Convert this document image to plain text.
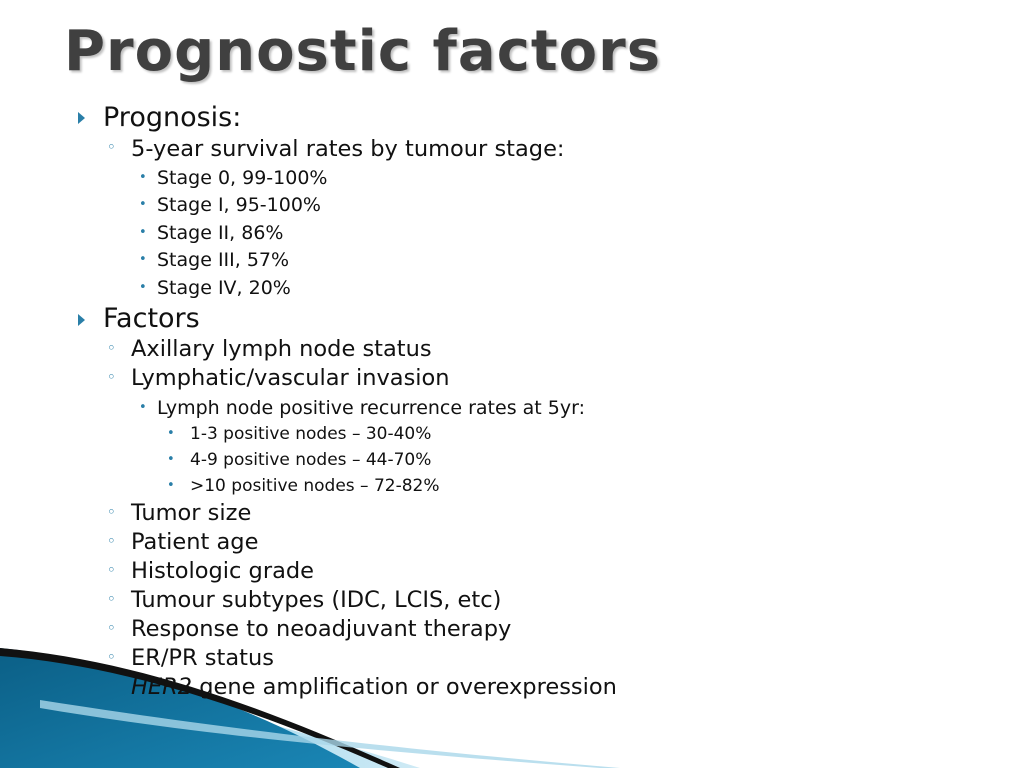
Prognostic factors
Prognosis:
◦ 5-year survival rates by tumour stage:
• Stage 0, 99-100%
• Stage I, 95-100%
• Stage II, 86%
• Stage III, 57%
• Stage IV, 20%
Factors
◦ Axillary lymph node status
◦ Lymphatic/vascular invasion
• Lymph node positive recurrence rates at 5yr:
• 1-3 positive nodes – 30-40%
• 4-9 positive nodes – 44-70%
• >10 positive nodes – 72-82%
◦ Tumor size
◦ Patient age
◦ Histologic grade
◦ Tumour subtypes (IDC, LCIS, etc)
◦ Response to neoadjuvant therapy
◦ ER/PR status
HER2 gene amplification or overexpression
